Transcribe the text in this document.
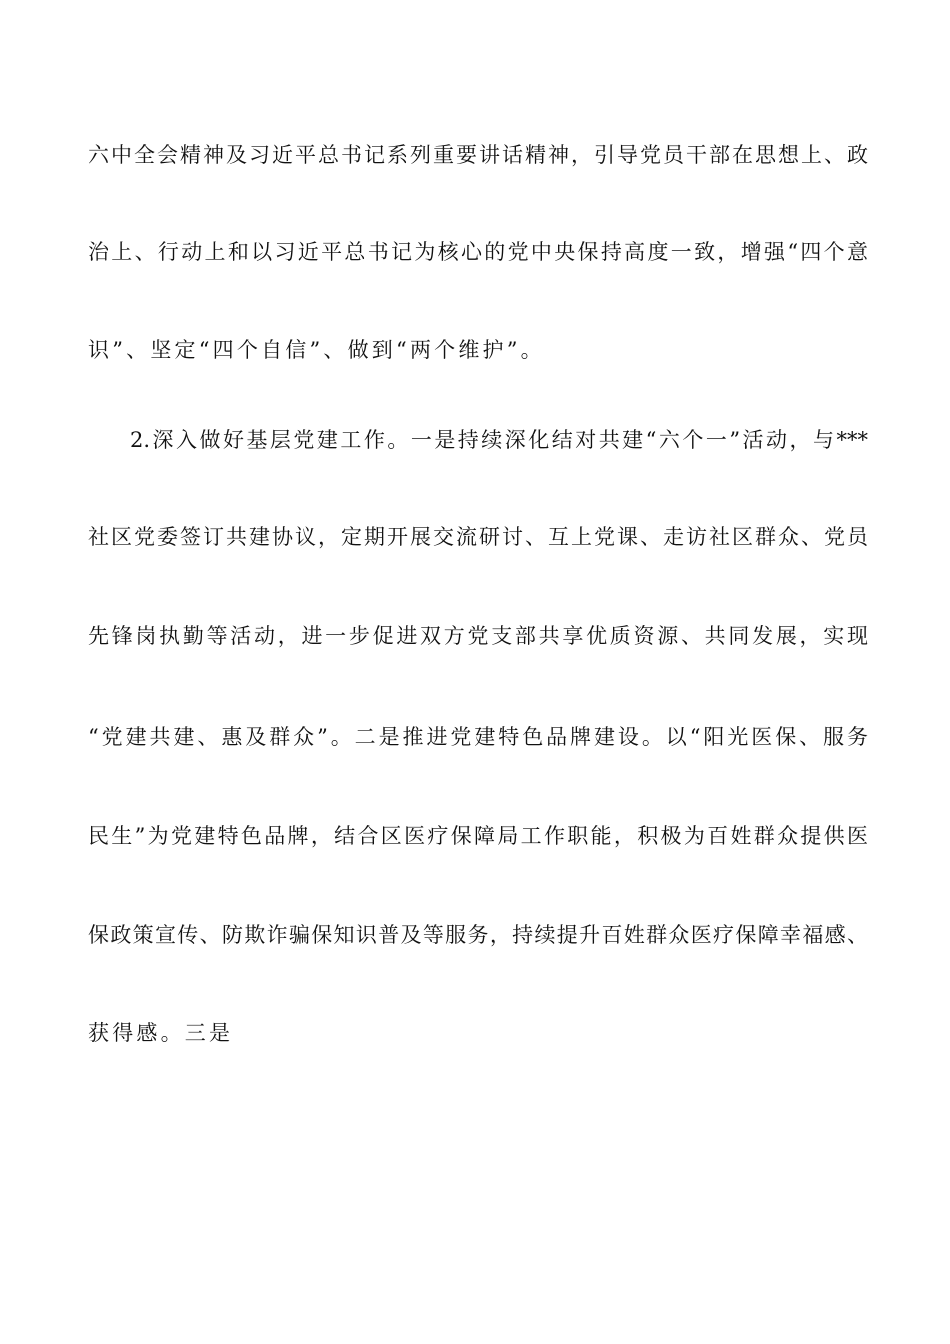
六中全会精神及习近平总书记系列重要讲话精神，引导党员干部在思想上、政
治上、行动上和以习近平总书记为核心的党中央保持高度一致，增强“四个意
识”、坚定“四个自信”、做到“两个维护”。
2.深入做好基层党建工作。一是持续深化结对共建“六个一”活动，与***
社区党委签订共建协议，定期开展交流研讨、互上党课、走访社区群众、党员
先锋岗执勤等活动，进一步促进双方党支部共享优质资源、共同发展，实现
“党建共建、惠及群众”。二是推进党建特色品牌建设。以“阳光医保、服务
民生”为党建特色品牌，结合区医疗保障局工作职能，积极为百姓群众提供医
保政策宣传、防欺诈骗保知识普及等服务，持续提升百姓群众医疗保障幸福感、
获得感。三是
